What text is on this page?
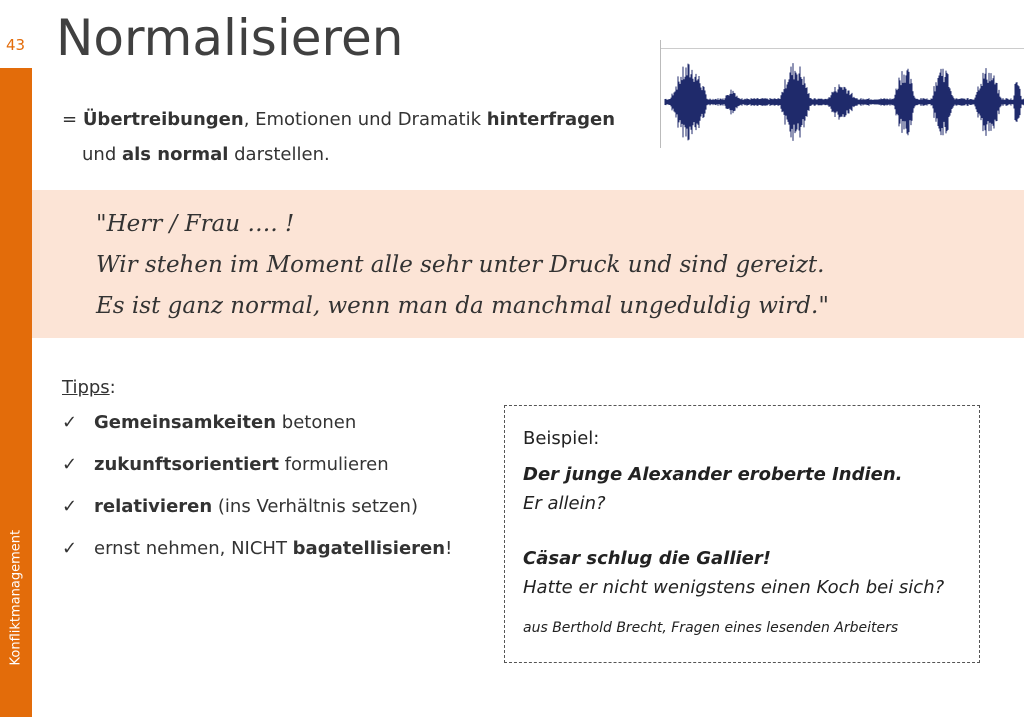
Konfliktmanagement
43 Normalisieren
= Übertreibungen, Emotionen und Dramatik hinterfragen
und als normal darstellen.
"Herr / Frau …. !
Wir stehen im Moment alle sehr unter Druck und sind gereizt.
Es ist ganz normal, wenn man da manchmal ungeduldig wird."
Tipps:
✓ Gemeinsamkeiten betonen
✓ zukunftsorientiert formulieren
✓ relativieren (ins Verhältnis setzen)
✓ ernst nehmen, NICHT bagatellisieren!
Beispiel:
Der junge Alexander eroberte Indien.
Er allein?
Cäsar schlug die Gallier!
Hatte er nicht wenigstens einen Koch bei sich?
aus Berthold Brecht, Fragen eines lesenden Arbeiters
